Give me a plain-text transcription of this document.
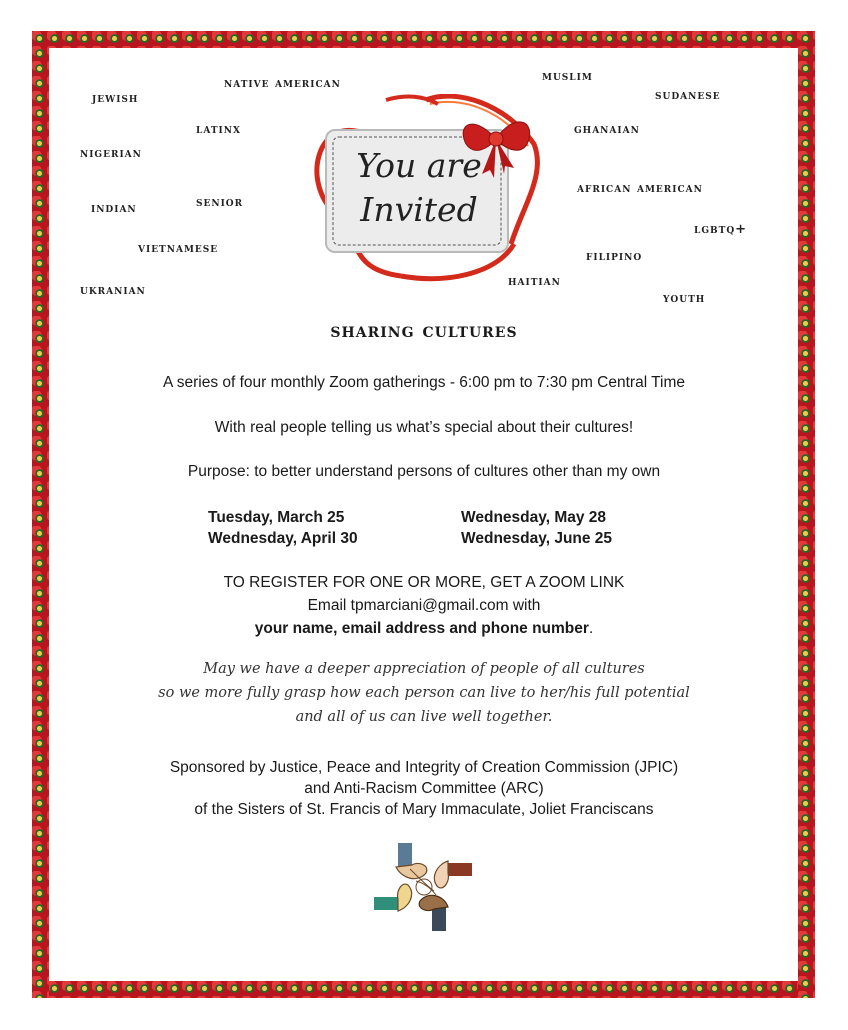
jewish

native american	muslim

sudanese

latinx	ghanaian

nigerian

african american

indian	senior

lgbtq+

vietnamese

filipino

haitian

ukranian

youth

You are
Invited
sharing cultures

A series of four monthly Zoom gatherings - 6:00 pm to 7:30 pm Central Time

With real people telling us what’s special about their cultures!

Purpose: to better understand persons of cultures other than my own

Tuesday, March 25
Wednesday, April 30
Wednesday, May 28
Wednesday, June 25

TO REGISTER FOR ONE OR MORE, GET A ZOOM LINK

Email tpmarciani@gmail.com with

your name, email address and phone number.

May we have a deeper appreciation of people of all cultures
so we more fully grasp how each person can live to her/his full potential
and all of us can live well together.

Sponsored by Justice, Peace and Integrity of Creation Commission (JPIC)
and Anti-Racism Committee (ARC)
of the Sisters of St. Francis of Mary Immaculate, Joliet Franciscans
